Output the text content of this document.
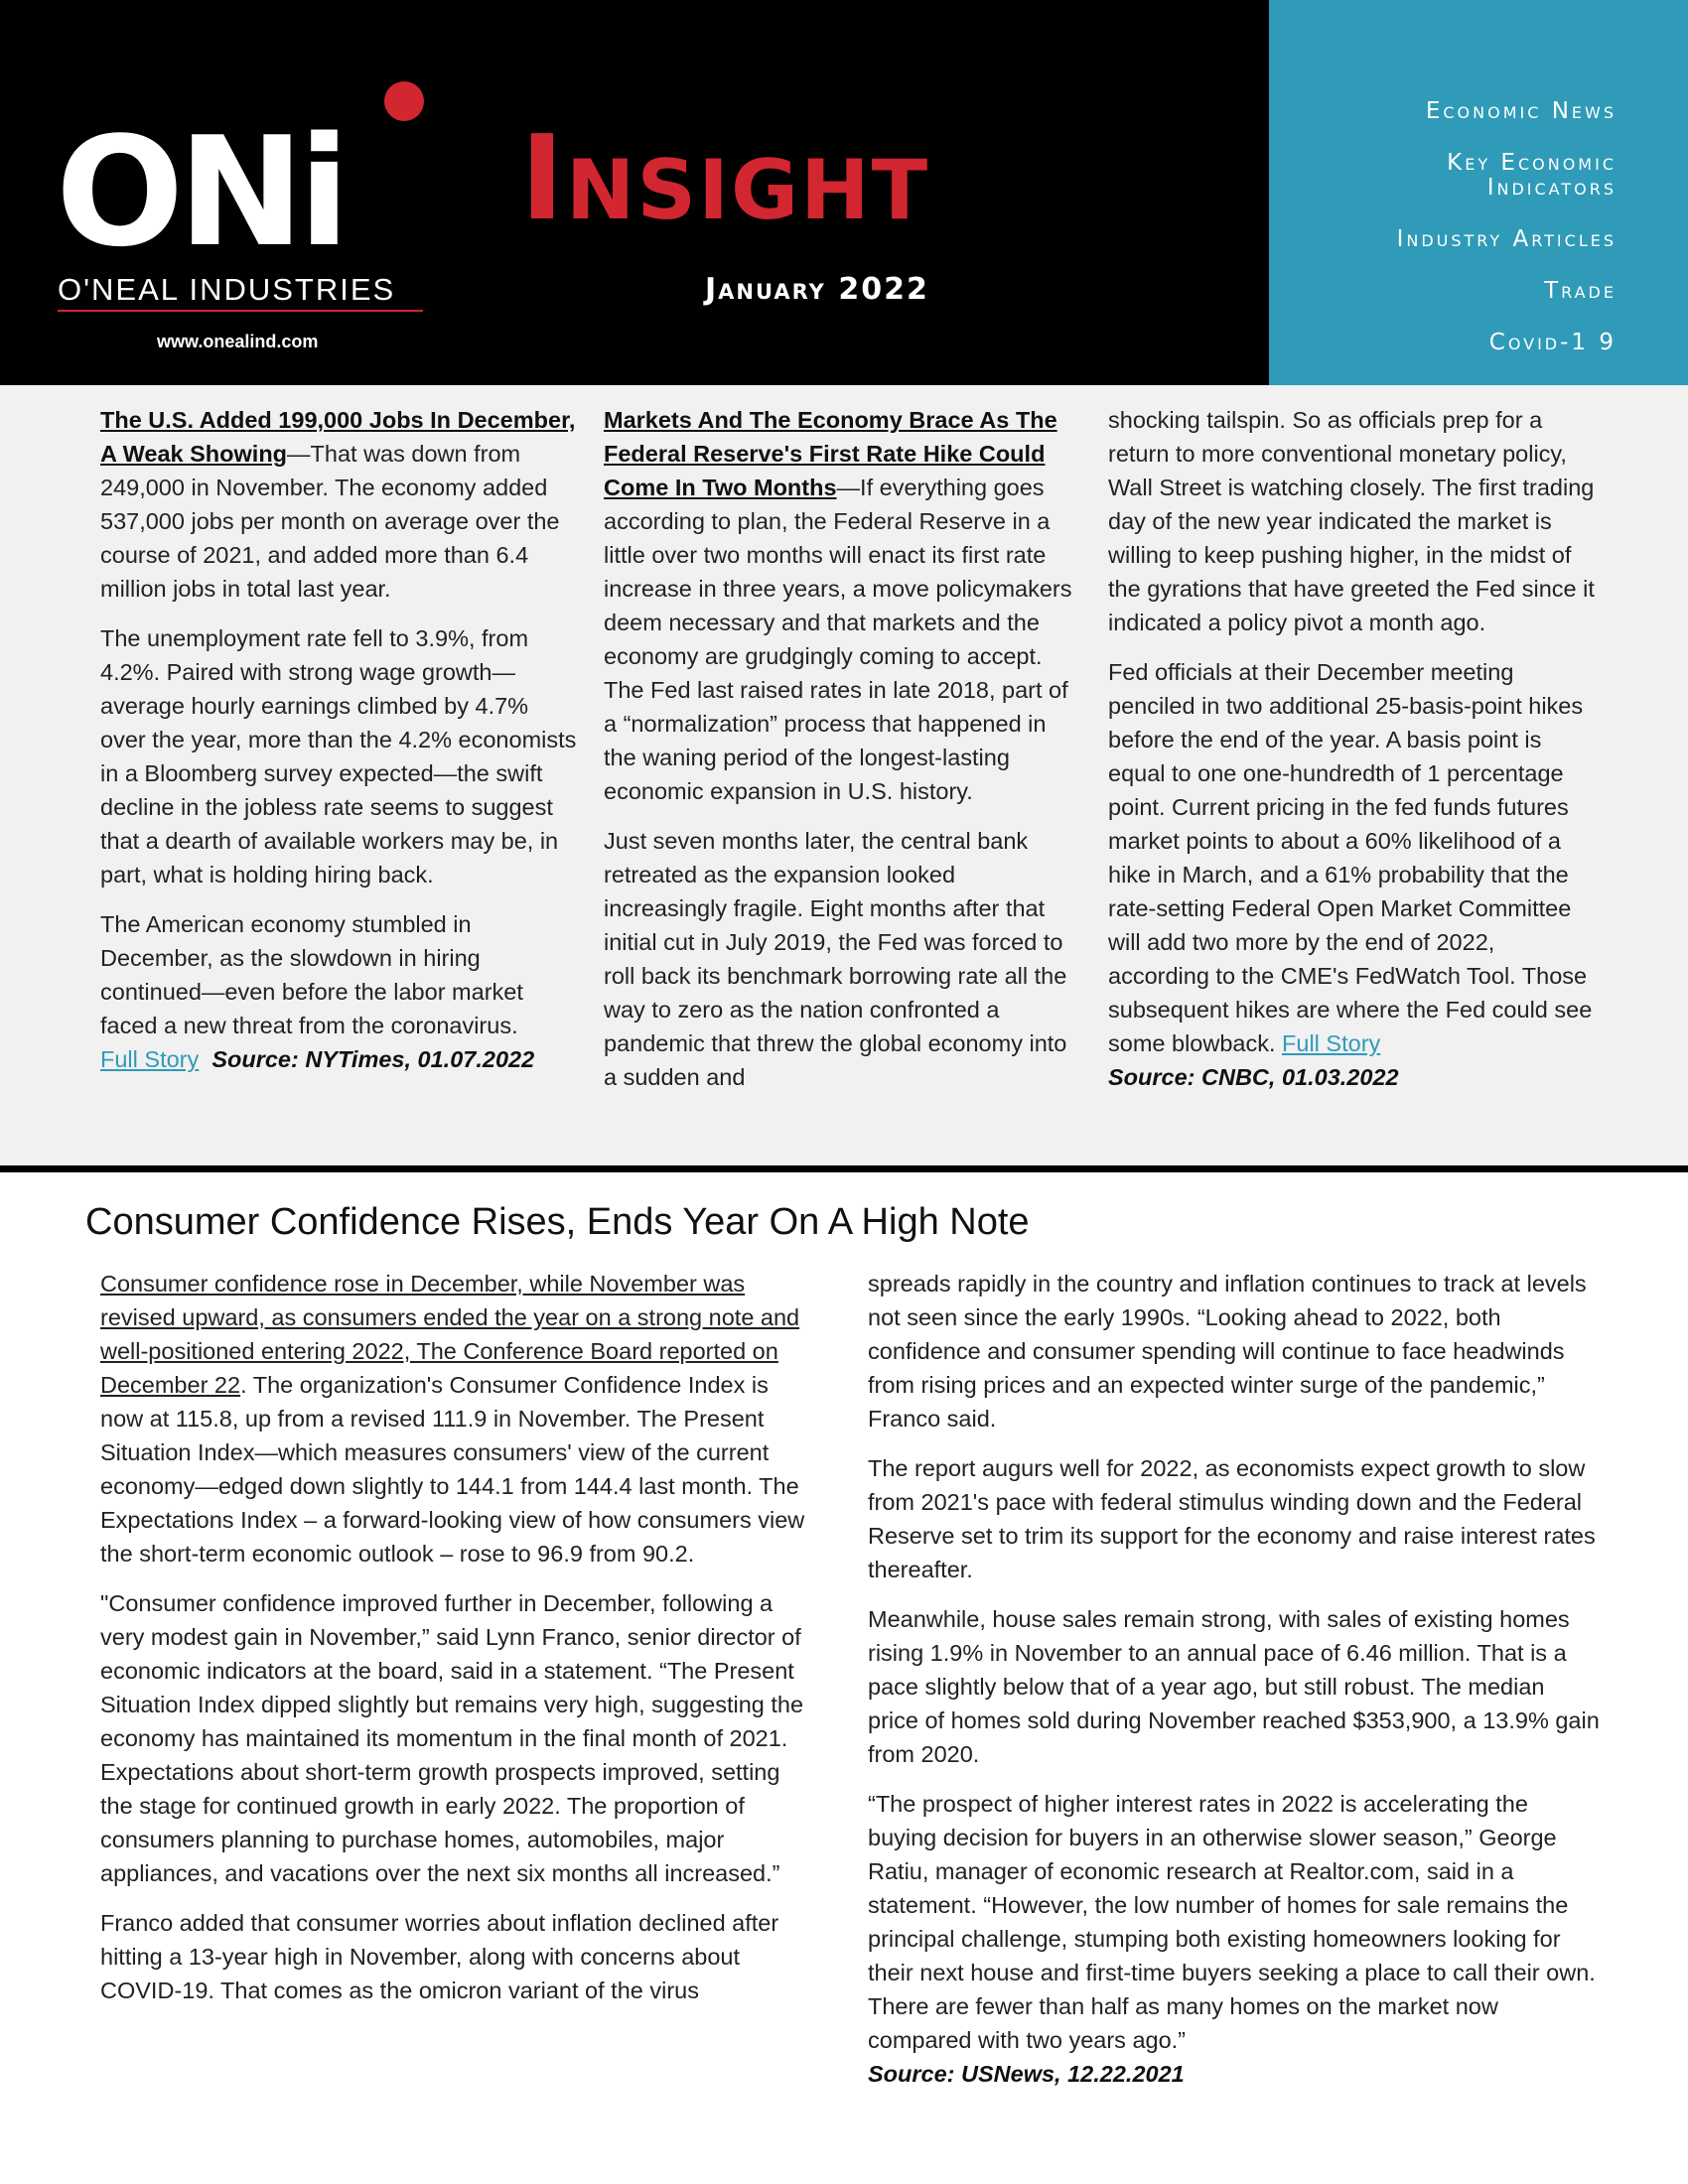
ONi
O'NEAL INDUSTRIES
www.onealind.com
Insight
January 2022
Economic News
Key Economic Indicators
Industry Articles
Trade
Covid-1 9

The U.S. Added 199,000 Jobs In December, A Weak Showing—That was down from 249,000 in November. The economy added 537,000 jobs per month on average over the course of 2021, and added more than 6.4 million jobs in total last year.

The unemployment rate fell to 3.9%, from 4.2%. Paired with strong wage growth—average hourly earnings climbed by 4.7% over the year, more than the 4.2% economists in a Bloomberg survey expected—the swift decline in the jobless rate seems to suggest that a dearth of available workers may be, in part, what is holding hiring back.

The American economy stumbled in December, as the slowdown in hiring continued—even before the labor market faced a new threat from the coronavirus.
Full Story Source: NYTimes, 01.07.2022

Markets And The Economy Brace As The Federal Reserve's First Rate Hike Could Come In Two Months—If everything goes according to plan, the Federal Reserve in a little over two months will enact its first rate increase in three years, a move policymakers deem necessary and that markets and the economy are grudgingly coming to accept. The Fed last raised rates in late 2018, part of a “normalization” process that happened in the waning period of the longest-lasting economic expansion in U.S. history.

Just seven months later, the central bank retreated as the expansion looked increasingly fragile. Eight months after that initial cut in July 2019, the Fed was forced to roll back its benchmark borrowing rate all the way to zero as the nation confronted a pandemic that threw the global economy into a sudden and

shocking tailspin. So as officials prep for a return to more conventional monetary policy, Wall Street is watching closely. The first trading day of the new year indicated the market is willing to keep pushing higher, in the midst of the gyrations that have greeted the Fed since it indicated a policy pivot a month ago.

Fed officials at their December meeting penciled in two additional 25-basis-point hikes before the end of the year. A basis point is equal to one one-hundredth of 1 percentage point. Current pricing in the fed funds futures market points to about a 60% likelihood of a hike in March, and a 61% probability that the rate-setting Federal Open Market Committee will add two more by the end of 2022, according to the CME's FedWatch Tool. Those subsequent hikes are where the Fed could see some blowback. Full Story
Source: CNBC, 01.03.2022

Consumer Confidence Rises, Ends Year On A High Note

Consumer confidence rose in December, while November was revised upward, as consumers ended the year on a strong note and well-positioned entering 2022, The Conference Board reported on December 22. The organization's Consumer Confidence Index is now at 115.8, up from a revised 111.9 in November. The Present Situation Index—which measures consumers' view of the current economy—edged down slightly to 144.1 from 144.4 last month. The Expectations Index – a forward-looking view of how consumers view the short-term economic outlook – rose to 96.9 from 90.2.

"Consumer confidence improved further in December, following a very modest gain in November,” said Lynn Franco, senior director of economic indicators at the board, said in a statement. “The Present Situation Index dipped slightly but remains very high, suggesting the economy has maintained its momentum in the final month of 2021. Expectations about short-term growth prospects improved, setting the stage for continued growth in early 2022. The proportion of consumers planning to purchase homes, automobiles, major appliances, and vacations over the next six months all increased.”

Franco added that consumer worries about inflation declined after hitting a 13-year high in November, along with concerns about COVID-19. That comes as the omicron variant of the virus

spreads rapidly in the country and inflation continues to track at levels not seen since the early 1990s. “Looking ahead to 2022, both confidence and consumer spending will continue to face headwinds from rising prices and an expected winter surge of the pandemic,” Franco said.

The report augurs well for 2022, as economists expect growth to slow from 2021's pace with federal stimulus winding down and the Federal Reserve set to trim its support for the economy and raise interest rates thereafter.

Meanwhile, house sales remain strong, with sales of existing homes rising 1.9% in November to an annual pace of 6.46 million. That is a pace slightly below that of a year ago, but still robust. The median price of homes sold during November reached $353,900, a 13.9% gain from 2020.

“The prospect of higher interest rates in 2022 is accelerating the buying decision for buyers in an otherwise slower season,” George Ratiu, manager of economic research at Realtor.com, said in a statement. “However, the low number of homes for sale remains the principal challenge, stumping both existing homeowners looking for their next house and first-time buyers seeking a place to call their own. There are fewer than half as many homes on the market now compared with two years ago.”
Source: USNews, 12.22.2021
